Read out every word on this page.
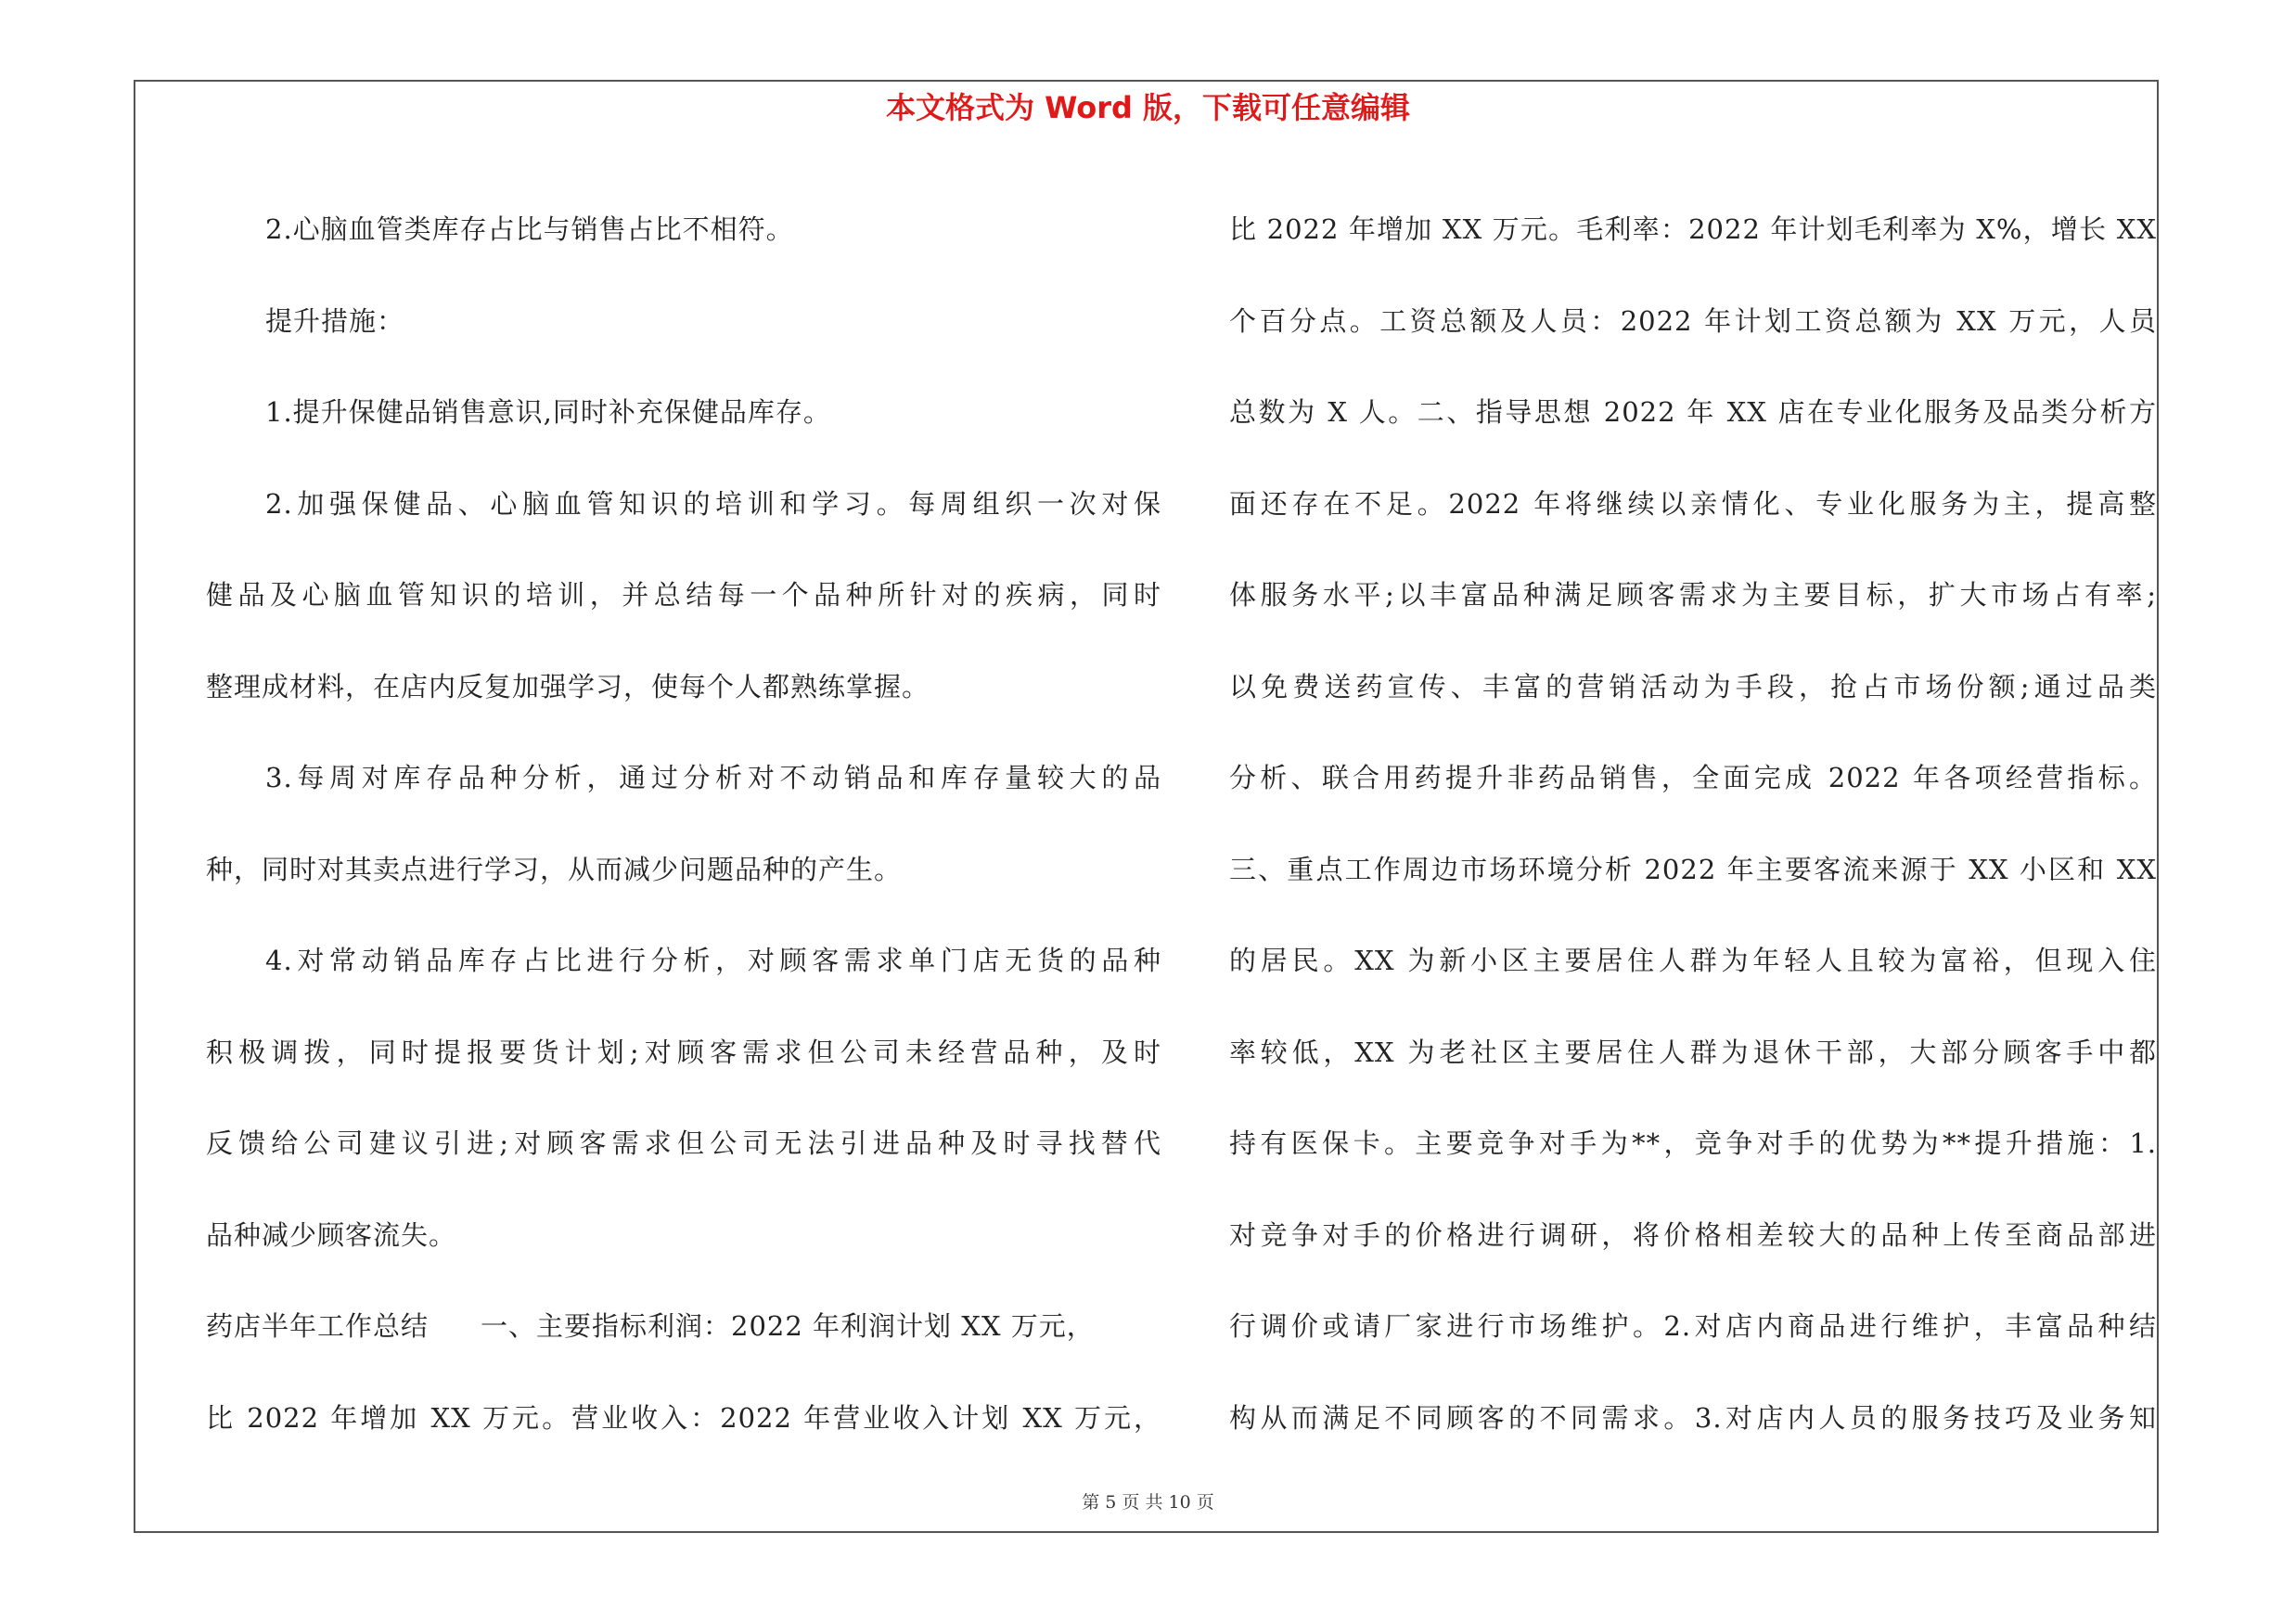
本文格式为 Word 版，下载可任意编辑
2.心脑血管类库存占比与销售占比不相符。
提升措施：
1.提升保健品销售意识,同时补充保健品库存。
2.加强保健品、心脑血管知识的培训和学习。每周组织一次对保
健品及心脑血管知识的培训，并总结每一个品种所针对的疾病，同时
整理成材料，在店内反复加强学习，使每个人都熟练掌握。
3.每周对库存品种分析，通过分析对不动销品和库存量较大的品
种，同时对其卖点进行学习，从而减少问题品种的产生。
4.对常动销品库存占比进行分析，对顾客需求单门店无货的品种
积极调拨，同时提报要货计划;对顾客需求但公司未经营品种，及时
反馈给公司建议引进;对顾客需求但公司无法引进品种及时寻找替代
品种减少顾客流失。
药店半年工作总结 一、主要指标利润：2022 年利润计划 XX 万元，
比 2022 年增加 XX 万元。营业收入：2022 年营业收入计划 XX 万元，
比 2022 年增加 XX 万元。毛利率：2022 年计划毛利率为 X%，增长 XX
个百分点。工资总额及人员：2022 年计划工资总额为 XX 万元，人员
总数为 X 人。二、指导思想 2022 年 XX 店在专业化服务及品类分析方
面还存在不足。2022 年将继续以亲情化、专业化服务为主，提高整
体服务水平;以丰富品种满足顾客需求为主要目标，扩大市场占有率;
以免费送药宣传、丰富的营销活动为手段，抢占市场份额;通过品类
分析、联合用药提升非药品销售，全面完成 2022 年各项经营指标。
三、重点工作周边市场环境分析 2022 年主要客流来源于 XX 小区和 XX
的居民。XX 为新小区主要居住人群为年轻人且较为富裕，但现入住
率较低，XX 为老社区主要居住人群为退休干部，大部分顾客手中都
持有医保卡。主要竞争对手为**，竞争对手的优势为**提升措施：1.
对竞争对手的价格进行调研，将价格相差较大的品种上传至商品部进
行调价或请厂家进行市场维护。2.对店内商品进行维护，丰富品种结
构从而满足不同顾客的不同需求。3.对店内人员的服务技巧及业务知
第 5 页 共 10 页
